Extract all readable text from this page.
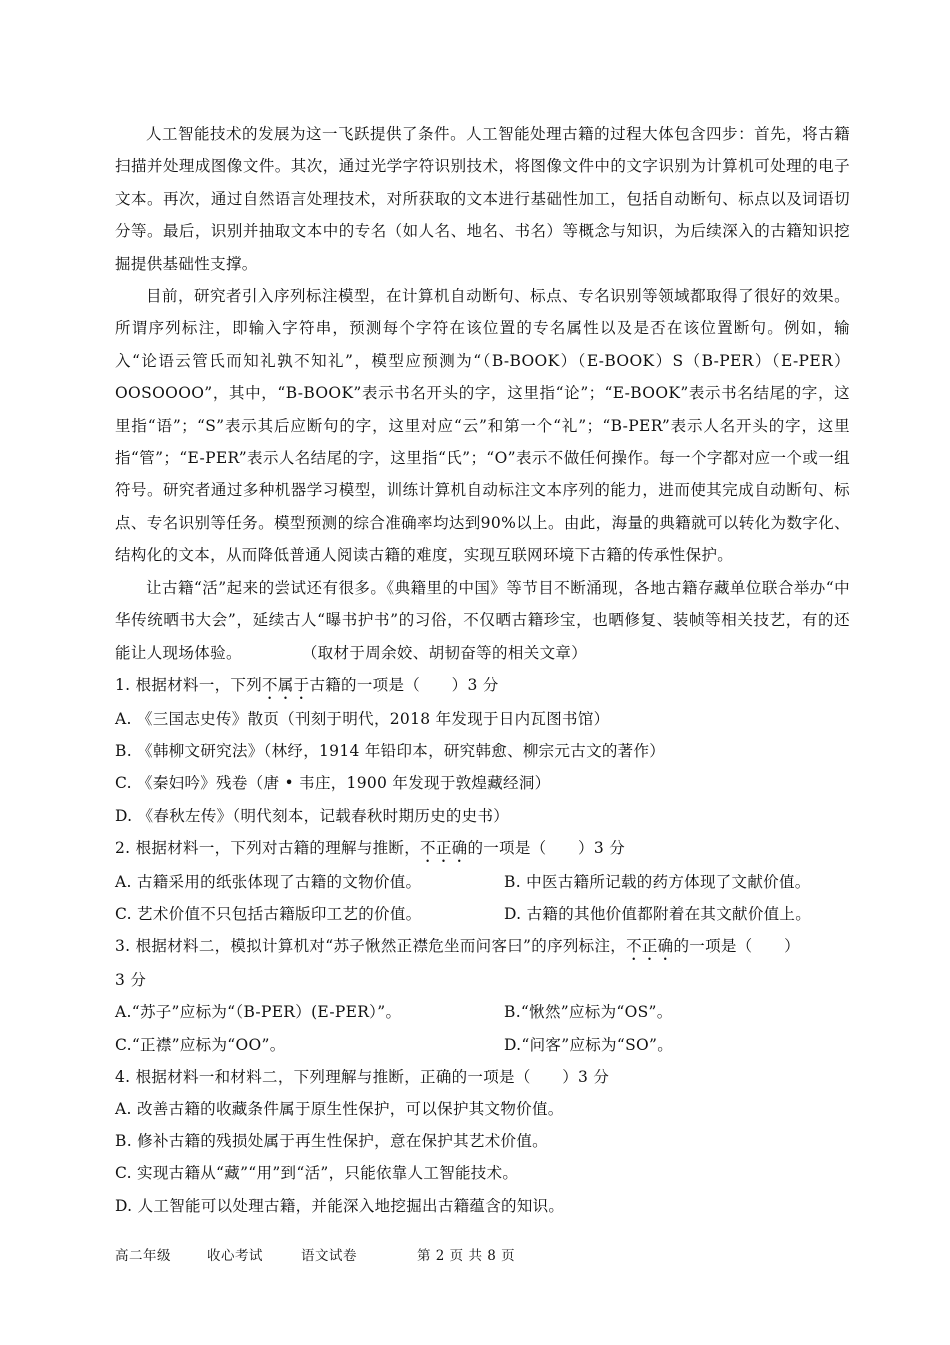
人工智能技术的发展为这一飞跃提供了条件。人工智能处理古籍的过程大体包含四步：首先，将古籍扫描并处理成图像文件。其次，通过光学字符识别技术，将图像文件中的文字识别为计算机可处理的电子文本。再次，通过自然语言处理技术，对所获取的文本进行基础性加工，包括自动断句、标点以及词语切分等。最后，识别并抽取文本中的专名（如人名、地名、书名）等概念与知识，为后续深入的古籍知识挖掘提供基础性支撑。

目前，研究者引入序列标注模型，在计算机自动断句、标点、专名识别等领域都取得了很好的效果。所谓序列标注，即输入字符串，预测每个字符在该位置的专名属性以及是否在该位置断句。例如，输入“论语云管氏而知礼孰不知礼”，模型应预测为“（B-BOOK）（E-BOOK）S（B-PER）（E-PER）OOSOOOO”，其中，“B-BOOK”表示书名开头的字，这里指“论”；“E-BOOK”表示书名结尾的字，这里指“语”；“S”表示其后应断句的字，这里对应“云”和第一个“礼”；“B-PER”表示人名开头的字，这里指“管”；“E-PER”表示人名结尾的字，这里指“氏”；“O”表示不做任何操作。每一个字都对应一个或一组符号。研究者通过多种机器学习模型，训练计算机自动标注文本序列的能力，进而使其完成自动断句、标点、专名识别等任务。模型预测的综合准确率均达到90%以上。由此，海量的典籍就可以转化为数字化、结构化的文本，从而降低普通人阅读古籍的难度，实现互联网环境下古籍的传承性保护。

让古籍“活”起来的尝试还有很多。《典籍里的中国》等节目不断涌现，各地古籍存藏单位联合举办“中华传统晒书大会”，延续古人“曝书护书”的习俗，不仅晒古籍珍宝，也晒修复、装帧等相关技艺，有的还能让人现场体验。	（取材于周余姣、胡韧奋等的相关文章）

1. 根据材料一，下列不属于古籍的一项是（　　）3 分

A. 《三国志史传》散页（刊刻于明代，2018 年发现于日内瓦图书馆）

B. 《韩柳文研究法》（林纾，1914 年铅印本，研究韩愈、柳宗元古文的著作）

C. 《秦妇吟》残卷（唐 • 韦庄，1900 年发现于敦煌藏经洞）

D. 《春秋左传》（明代刻本，记载春秋时期历史的史书）

2. 根据材料一，下列对古籍的理解与推断，不正确的一项是（　　）3 分

A. 古籍采用的纸张体现了古籍的文物价值。	B. 中医古籍所记载的药方体现了文献价值。
C. 艺术价值不只包括古籍版印工艺的价值。	D. 古籍的其他价值都附着在其文献价值上。

3. 根据材料二，模拟计算机对“苏子愀然正襟危坐而问客曰”的序列标注，不正确的一项是（　　）

3 分

A.“苏子”应标为“（B-PER）(E-PER）”。	B.“愀然”应标为“OS”。
C.“正襟”应标为“OO”。	D.“问客”应标为“SO”。

4. 根据材料一和材料二，下列理解与推断，正确的一项是（　　）3 分

A. 改善古籍的收藏条件属于原生性保护，可以保护其文物价值。

B. 修补古籍的残损处属于再生性保护，意在保护其艺术价值。

C. 实现古籍从“藏”“用”到“活”，只能依靠人工智能技术。

D. 人工智能可以处理古籍，并能深入地挖掘出古籍蕴含的知识。

高二年级	收心考试	语文试卷	第 2 页 共 8 页
